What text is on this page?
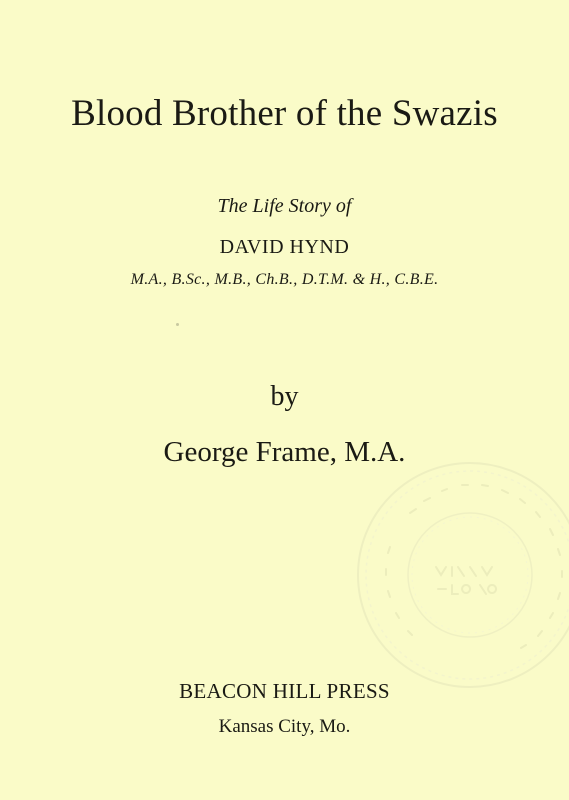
Blood Brother of the Swazis
The Life Story of
DAVID HYND
M.A., B.Sc., M.B., Ch.B., D.T.M. & H., C.B.E.
by
George Frame, M.A.
BEACON HILL PRESS
Kansas City, Mo.
